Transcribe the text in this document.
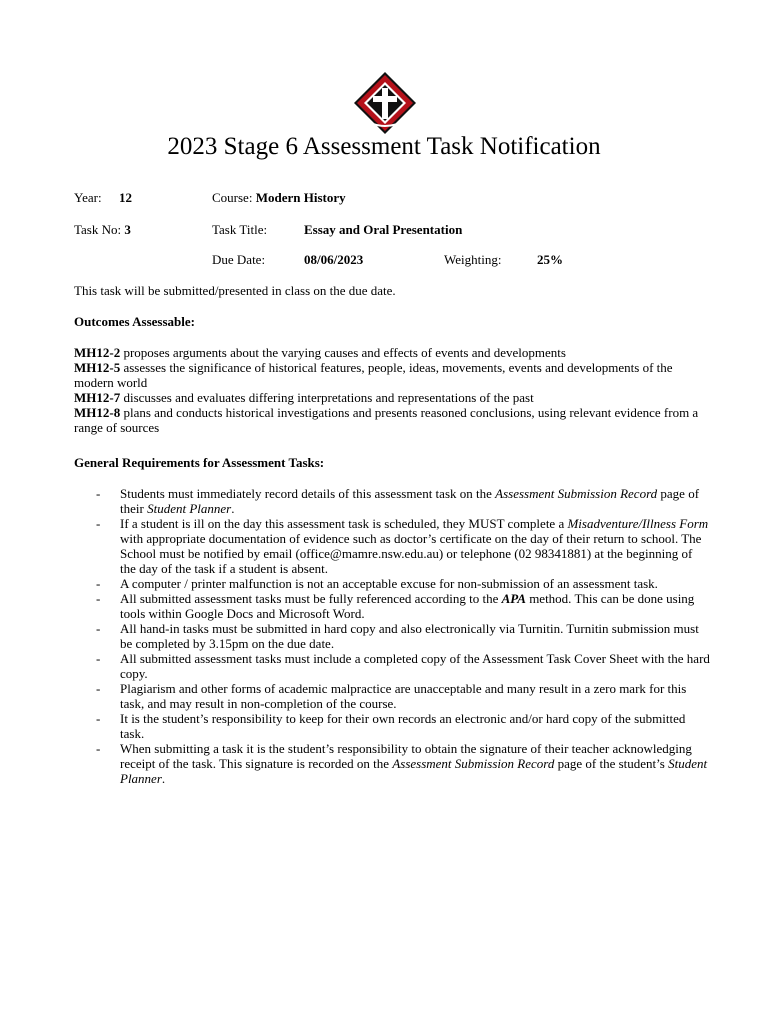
2023 Stage 6 Assessment Task Notification
Year: 12	Course: Modern History
Task No: 3	Task Title:	Essay and Oral Presentation
Due Date:	08/06/2023	Weighting:	25%

This task will be submitted/presented in class on the due date.

Outcomes Assessable:

MH12-2 proposes arguments about the varying causes and effects of events and developments

MH12-5 assesses the significance of historical features, people, ideas, movements, events and developments of the modern world

MH12-7 discusses and evaluates differing interpretations and representations of the past

MH12-8 plans and conducts historical investigations and presents reasoned conclusions, using relevant evidence from a range of sources

General Requirements for Assessment Tasks:

- Students must immediately record details of this assessment task on the Assessment Submission Record page of their Student Planner.
- If a student is ill on the day this assessment task is scheduled, they MUST complete a Misadventure/Illness Form with appropriate documentation of evidence such as doctor’s certificate on the day of their return to school. The School must be notified by email (office@mamre.nsw.edu.au) or telephone (02 98341881) at the beginning of the day of the task if a student is absent.
- A computer / printer malfunction is not an acceptable excuse for non-submission of an assessment task.
- All submitted assessment tasks must be fully referenced according to the APA method. This can be done using tools within Google Docs and Microsoft Word.
- All hand-in tasks must be submitted in hard copy and also electronically via Turnitin. Turnitin submission must be completed by 3.15pm on the due date.
- All submitted assessment tasks must include a completed copy of the Assessment Task Cover Sheet with the hard copy.
- Plagiarism and other forms of academic malpractice are unacceptable and many result in a zero mark for this task, and may result in non-completion of the course.
- It is the student’s responsibility to keep for their own records an electronic and/or hard copy of the submitted task.
- When submitting a task it is the student’s responsibility to obtain the signature of their teacher acknowledging receipt of the task. This signature is recorded on the Assessment Submission Record page of the student’s Student Planner.
